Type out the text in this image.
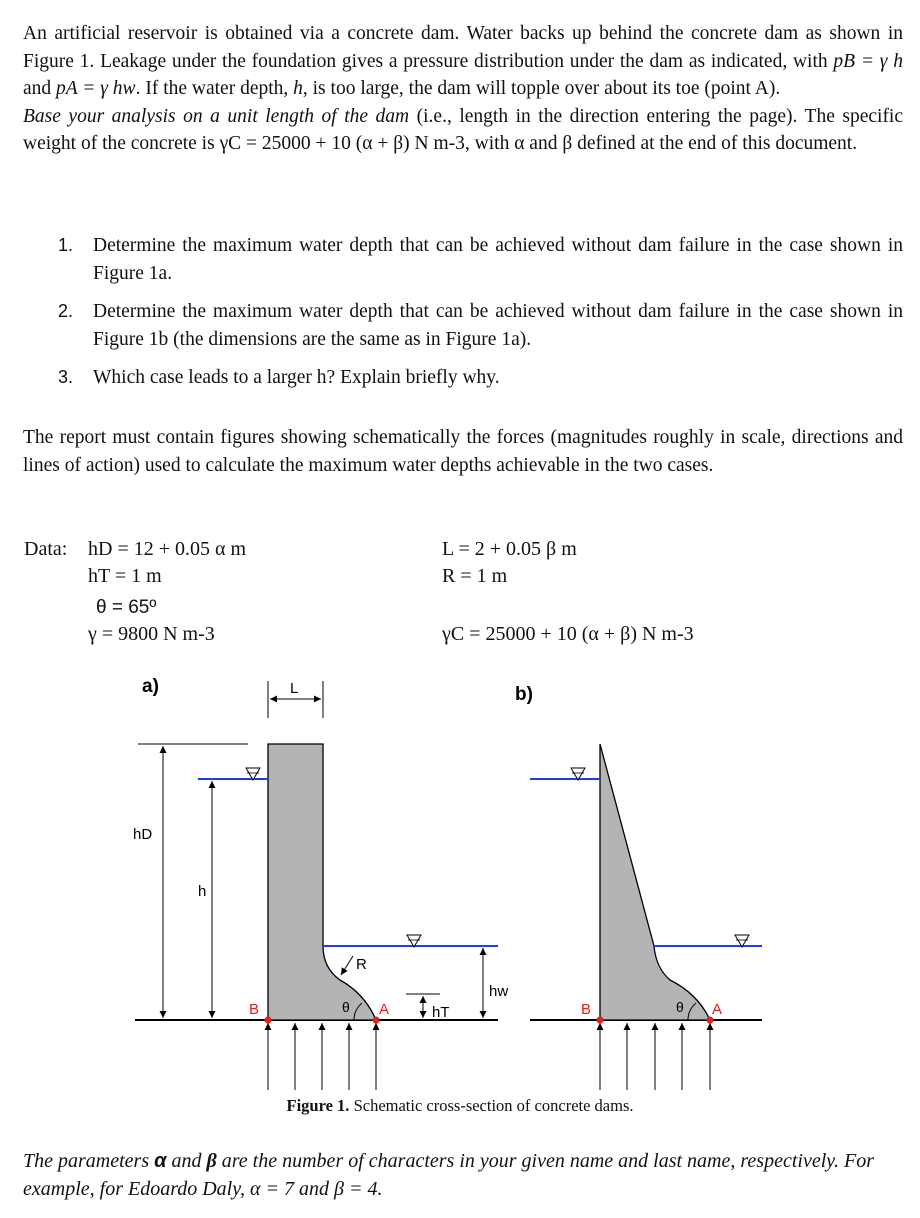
An artificial reservoir is obtained via a concrete dam. Water backs up behind the concrete dam as shown in Figure 1. Leakage under the foundation gives a pressure distribution under the dam as indicated, with pB = γ h and pA = γ hw. If the water depth, h, is too large, the dam will topple over about its toe (point A).
Base your analysis on a unit length of the dam (i.e., length in the direction entering the page). The specific weight of the concrete is γC = 25000 + 10 (α + β) N m-3, with α and β defined at the end of this document.
1. Determine the maximum water depth that can be achieved without dam failure in the case shown in Figure 1a.
2. Determine the maximum water depth that can be achieved without dam failure in the case shown in Figure 1b (the dimensions are the same as in Figure 1a).
3. Which case leads to a larger h? Explain briefly why.
The report must contain figures showing schematically the forces (magnitudes roughly in scale, directions and lines of action) used to calculate the maximum water depths achievable in the two cases.
Data: hD = 12 + 0.05 α m
hT = 1 m
θ = 65º
γ = 9800 N m-3
L = 2 + 0.05 β m
R = 1 m
γC = 25000 + 10 (α + β) N m-3
a)	b)
L
hD
h
R
θ A
B	hT
hw
θ A
B
Figure 1. Schematic cross-section of concrete dams.
The parameters α and β are the number of characters in your given name and last name, respectively. For example, for Edoardo Daly, α = 7 and β = 4.
